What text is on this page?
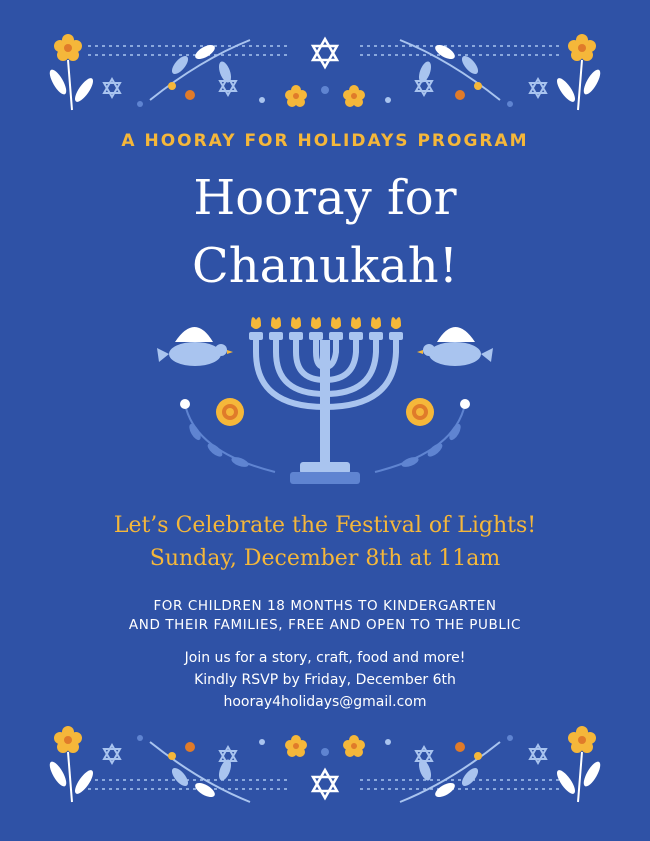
A HOORAY FOR HOLIDAYS PROGRAM
Hooray for
Chanukah!
Let’s Celebrate the Festival of Lights!
Sunday, December 8th at 11am
FOR CHILDREN 18 MONTHS TO KINDERGARTEN
AND THEIR FAMILIES, FREE AND OPEN TO THE PUBLIC
Join us for a story, craft, food and more!
Kindly RSVP by Friday, December 6th
hooray4holidays@gmail.com
